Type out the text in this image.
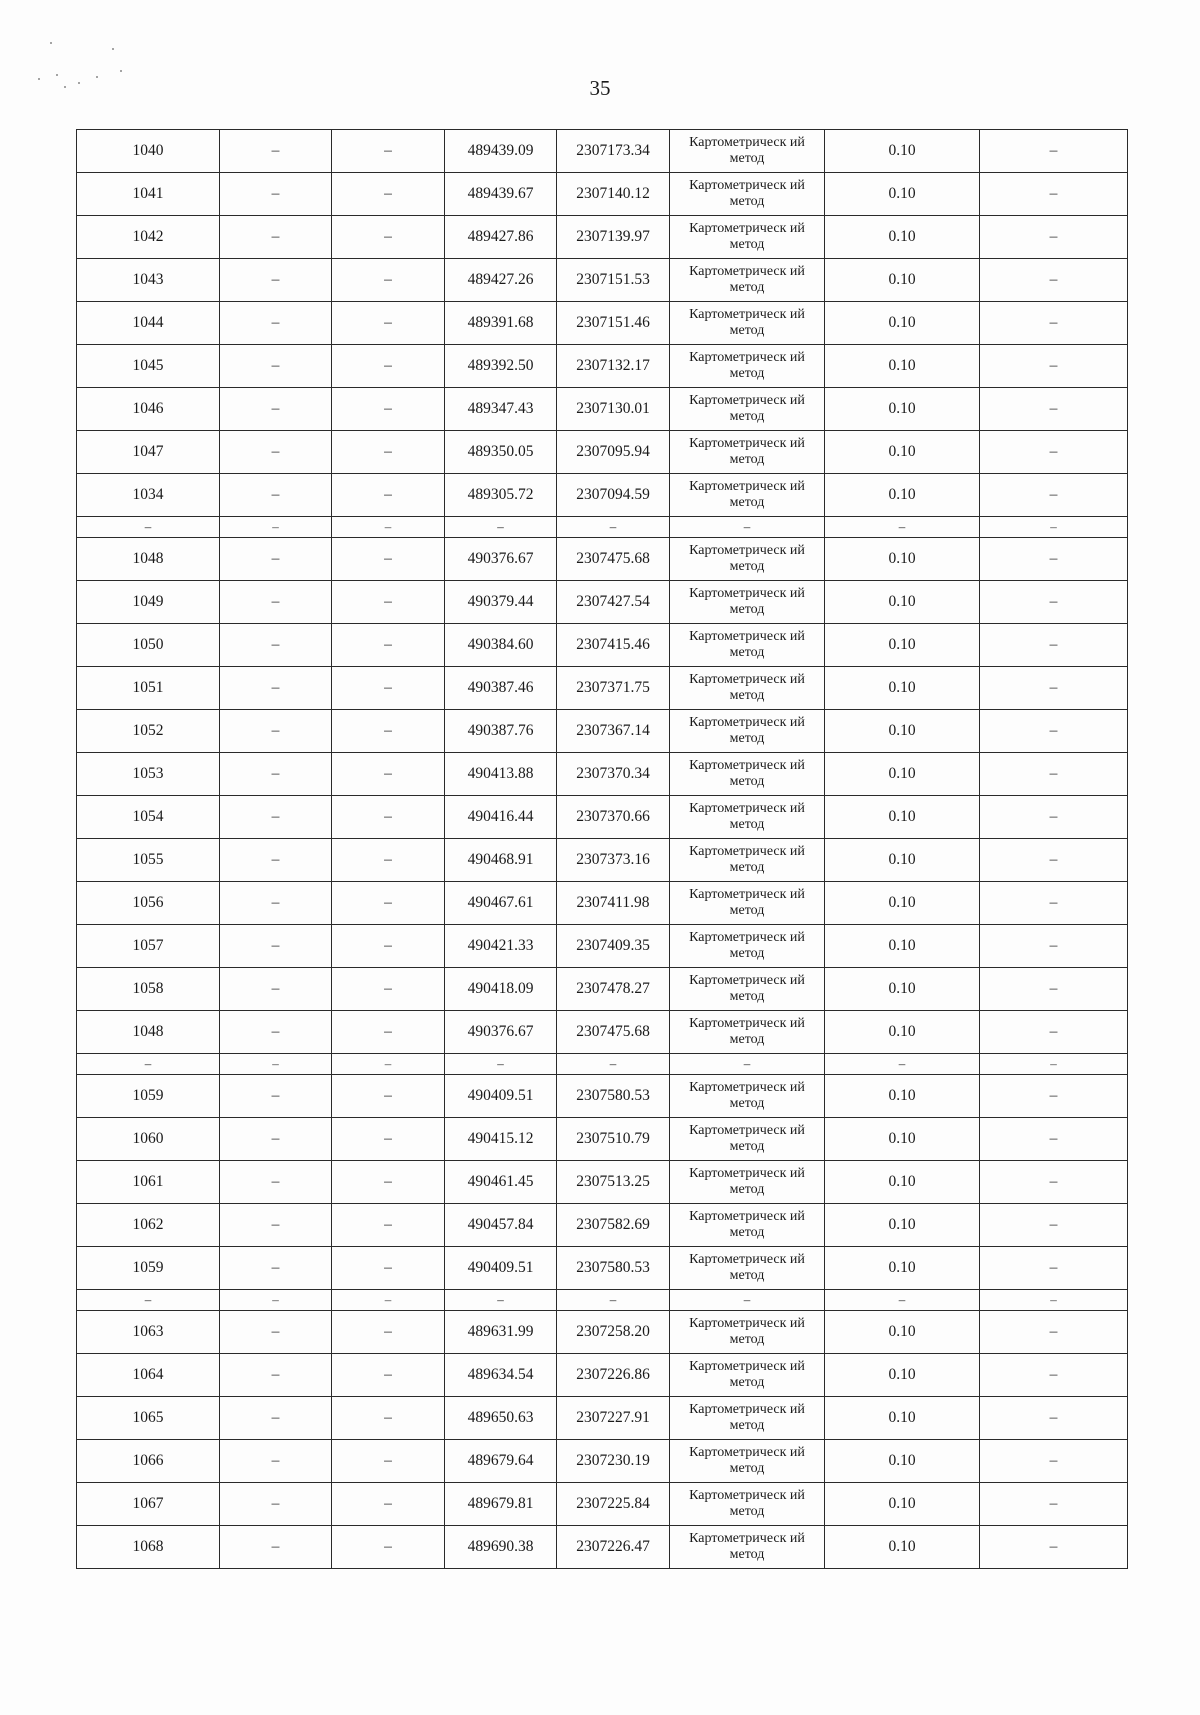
35
1040	–	–	489439.09	2307173.34	Картометрическ ий метод	0.10	–
1041	–	–	489439.67	2307140.12	Картометрическ ий метод	0.10	–
1042	–	–	489427.86	2307139.97	Картометрическ ий метод	0.10	–
1043	–	–	489427.26	2307151.53	Картометрическ ий метод	0.10	–
1044	–	–	489391.68	2307151.46	Картометрическ ий метод	0.10	–
1045	–	–	489392.50	2307132.17	Картометрическ ий метод	0.10	–
1046	–	–	489347.43	2307130.01	Картометрическ ий метод	0.10	–
1047	–	–	489350.05	2307095.94	Картометрическ ий метод	0.10	–
1034	–	–	489305.72	2307094.59	Картометрическ ий метод	0.10	–
–	–	–	–	–	–	–	–
1048	–	–	490376.67	2307475.68	Картометрическ ий метод	0.10	–
1049	–	–	490379.44	2307427.54	Картометрическ ий метод	0.10	–
1050	–	–	490384.60	2307415.46	Картометрическ ий метод	0.10	–
1051	–	–	490387.46	2307371.75	Картометрическ ий метод	0.10	–
1052	–	–	490387.76	2307367.14	Картометрическ ий метод	0.10	–
1053	–	–	490413.88	2307370.34	Картометрическ ий метод	0.10	–
1054	–	–	490416.44	2307370.66	Картометрическ ий метод	0.10	–
1055	–	–	490468.91	2307373.16	Картометрическ ий метод	0.10	–
1056	–	–	490467.61	2307411.98	Картометрическ ий метод	0.10	–
1057	–	–	490421.33	2307409.35	Картометрическ ий метод	0.10	–
1058	–	–	490418.09	2307478.27	Картометрическ ий метод	0.10	–
1048	–	–	490376.67	2307475.68	Картометрическ ий метод	0.10	–
–	–	–	–	–	–	–	–
1059	–	–	490409.51	2307580.53	Картометрическ ий метод	0.10	–
1060	–	–	490415.12	2307510.79	Картометрическ ий метод	0.10	–
1061	–	–	490461.45	2307513.25	Картометрическ ий метод	0.10	–
1062	–	–	490457.84	2307582.69	Картометрическ ий метод	0.10	–
1059	–	–	490409.51	2307580.53	Картометрическ ий метод	0.10	–
–	–	–	–	–	–	–	–
1063	–	–	489631.99	2307258.20	Картометрическ ий метод	0.10	–
1064	–	–	489634.54	2307226.86	Картометрическ ий метод	0.10	–
1065	–	–	489650.63	2307227.91	Картометрическ ий метод	0.10	–
1066	–	–	489679.64	2307230.19	Картометрическ ий метод	0.10	–
1067	–	–	489679.81	2307225.84	Картометрическ ий метод	0.10	–
1068	–	–	489690.38	2307226.47	Картометрическ ий метод	0.10	–
